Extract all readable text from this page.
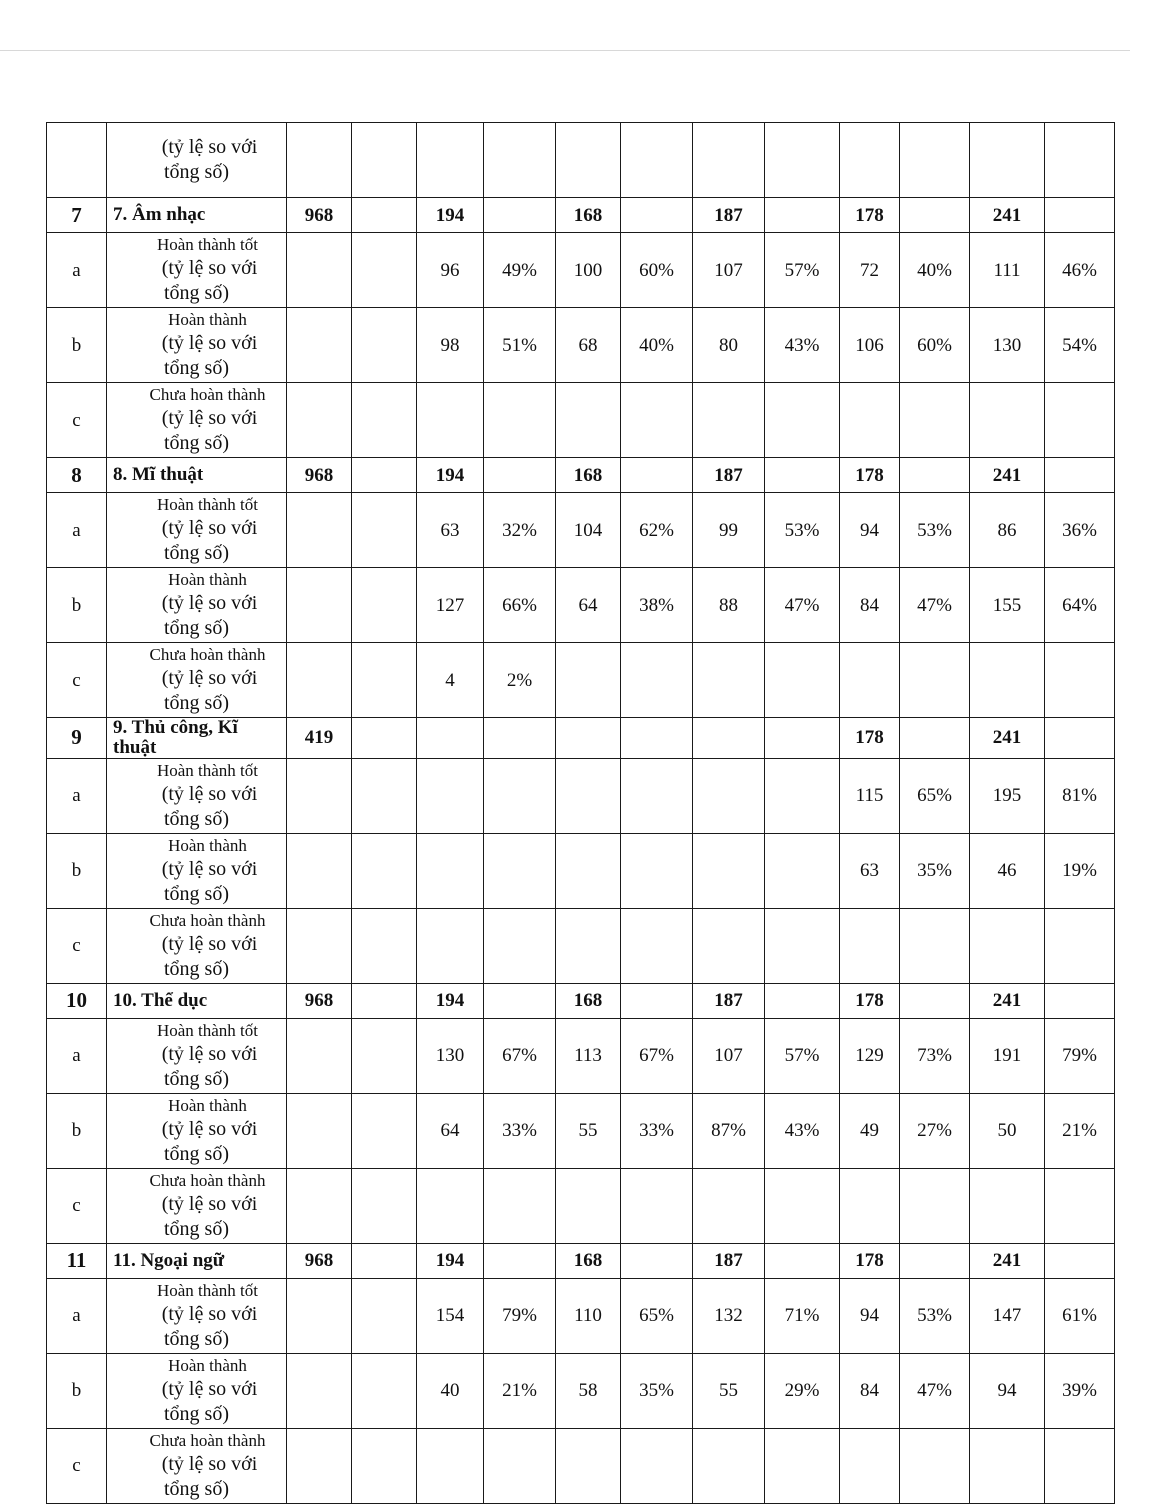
	(tỷ lệ so với
tổng số)												

7	7. Âm nhạc	968		194		168		187		178		241	
a	Hoàn thành tốt
(tỷ lệ so với
tổng số)			96	49%	100	60%	107	57%	72	40%	111	46%
b	Hoàn thành
(tỷ lệ so với
tổng số)			98	51%	68	40%	80	43%	106	60%	130	54%
c	Chưa hoàn thành
(tỷ lệ so với
tổng số)												

8	8. Mĩ thuật	968		194		168		187		178		241	
a	Hoàn thành tốt
(tỷ lệ so với
tổng số)			63	32%	104	62%	99	53%	94	53%	86	36%
b	Hoàn thành
(tỷ lệ so với
tổng số)			127	66%	64	38%	88	47%	84	47%	155	64%
c	Chưa hoàn thành
(tỷ lệ so với
tổng số)			4	2%								
9	9. Thủ công, Kĩ thuật	419								178		241	
a	Hoàn thành tốt
(tỷ lệ so với
tổng số)									115	65%	195	81%
b	Hoàn thành
(tỷ lệ so với
tổng số)									63	35%	46	19%
c	Chưa hoàn thành
(tỷ lệ so với
tổng số)												

10	10. Thể dục	968		194		168		187		178		241	
a	Hoàn thành tốt
(tỷ lệ so với
tổng số)			130	67%	113	67%	107	57%	129	73%	191	79%
b	Hoàn thành
(tỷ lệ so với
tổng số)			64	33%	55	33%	87%	43%	49	27%	50	21%
c	Chưa hoàn thành
(tỷ lệ so với
tổng số)												

11	11. Ngoại ngữ	968		194		168		187		178		241	
a	Hoàn thành tốt
(tỷ lệ so với
tổng số)			154	79%	110	65%	132	71%	94	53%	147	61%
b	Hoàn thành
(tỷ lệ so với
tổng số)			40	21%	58	35%	55	29%	84	47%	94	39%
c	Chưa hoàn thành
(tỷ lệ so với
tổng số)												
